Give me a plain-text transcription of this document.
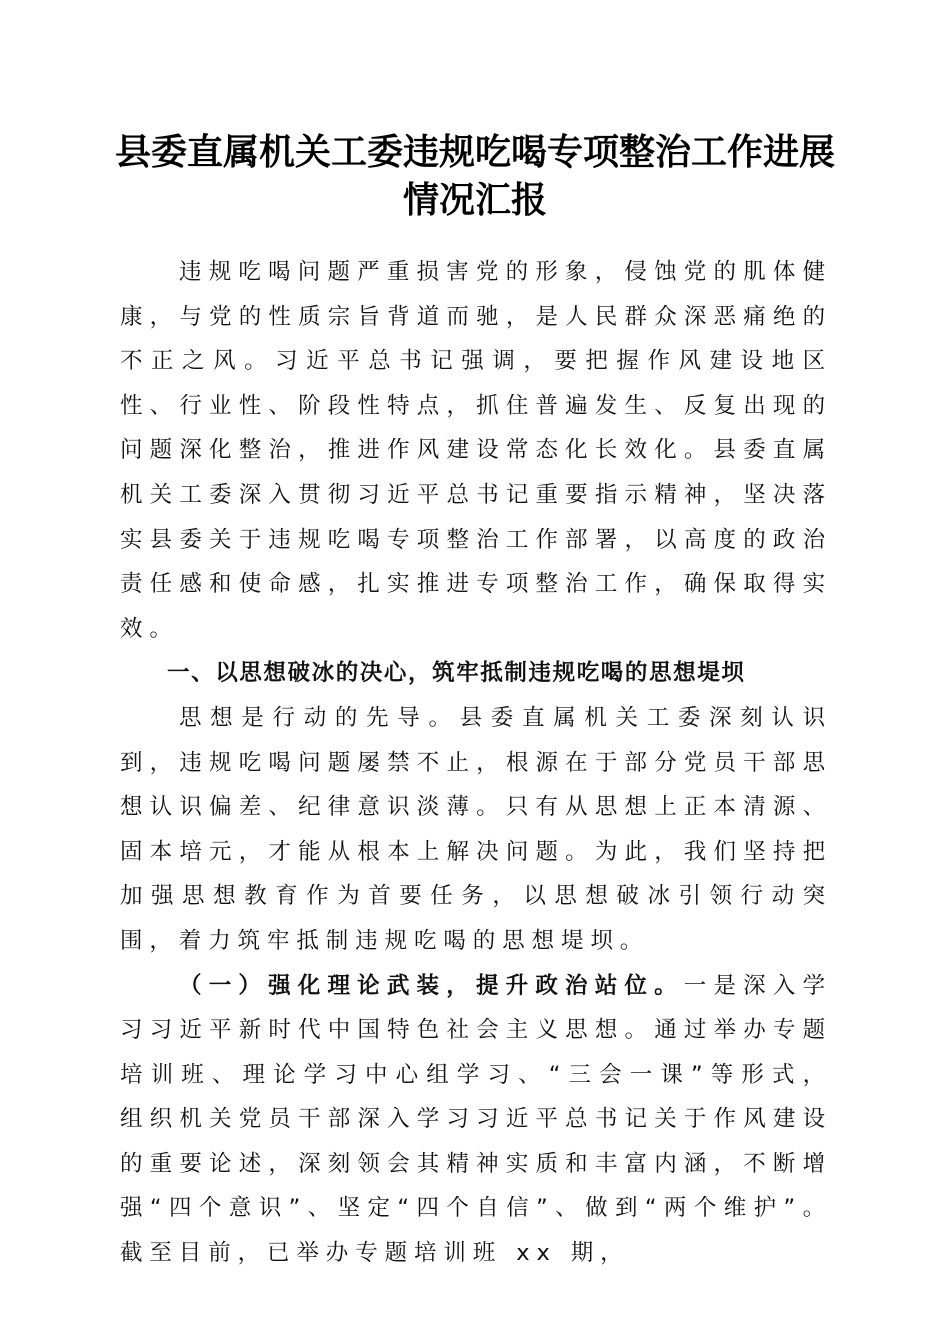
县委直属机关工委违规吃喝专项整治工作进展
情况汇报

违规吃喝问题严重损害党的形象，侵蚀党的肌体健康，与党的性质宗旨背道而驰，是人民群众深恶痛绝的不正之风。习近平总书记强调，要把握作风建设地区性、行业性、阶段性特点，抓住普遍发生、反复出现的问题深化整治，推进作风建设常态化长效化。县委直属机关工委深入贯彻习近平总书记重要指示精神，坚决落实县委关于违规吃喝专项整治工作部署，以高度的政治责任感和使命感，扎实推进专项整治工作，确保取得实效。

一、以思想破冰的决心，筑牢抵制违规吃喝的思想堤坝

思想是行动的先导。县委直属机关工委深刻认识到，违规吃喝问题屡禁不止，根源在于部分党员干部思想认识偏差、纪律意识淡薄。只有从思想上正本清源、固本培元，才能从根本上解决问题。为此，我们坚持把加强思想教育作为首要任务，以思想破冰引领行动突围，着力筑牢抵制违规吃喝的思想堤坝。

（一）强化理论武装，提升政治站位。一是深入学习习近平新时代中国特色社会主义思想。通过举办专题培训班、理论学习中心组学习、“三会一课”等形式，组织机关党员干部深入学习习近平总书记关于作风建设的重要论述，深刻领会其精神实质和丰富内涵，不断增强“四个意识”、坚定“四个自信”、做到“两个维护”。截至目前，已举办专题培训班 xx 期，
